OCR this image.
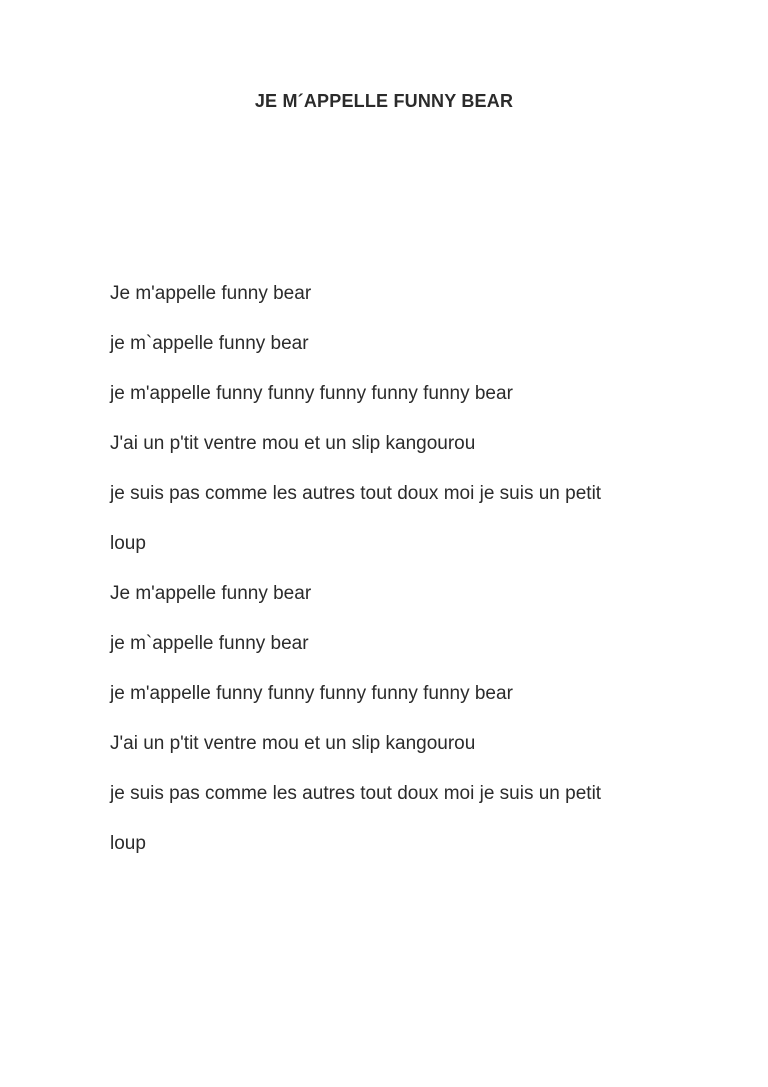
JE M´APPELLE FUNNY BEAR
Je m'appelle funny bear
je m`appelle funny bear
je m'appelle funny funny funny funny funny bear
J'ai un p'tit ventre mou et un slip kangourou
je suis pas comme les autres tout doux moi je suis un petit
loup
Je m'appelle funny bear
je m`appelle funny bear
je m'appelle funny funny funny funny funny bear
J'ai un p'tit ventre mou et un slip kangourou
je suis pas comme les autres tout doux moi je suis un petit
loup
